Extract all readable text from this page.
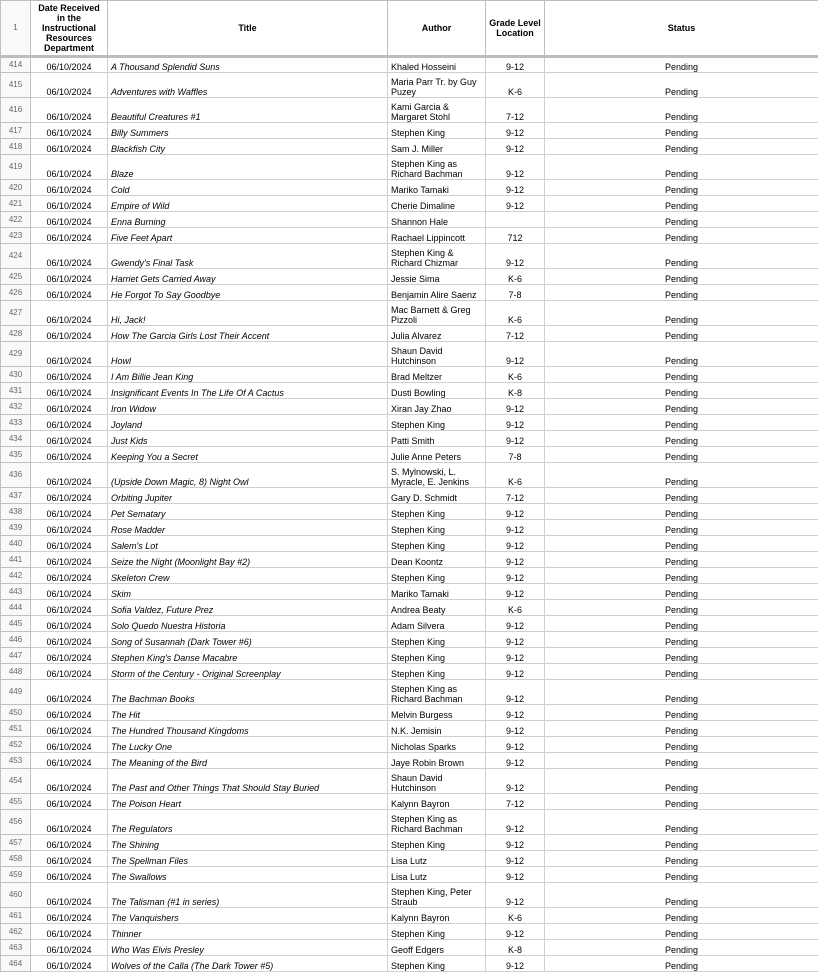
1	Date Received in the Instructional Resources Department	Title	Author	Grade Level Location	Status
414	06/10/2024	A Thousand Splendid Suns	Khaled Hosseini	9-12	Pending
415	06/10/2024	Adventures with Waffles	Maria Parr Tr. by Guy Puzey	K-6	Pending
416	06/10/2024	Beautiful Creatures #1	Kami Garcia & Margaret Stohl	7-12	Pending
417	06/10/2024	Billy Summers	Stephen King	9-12	Pending
418	06/10/2024	Blackfish City	Sam J. Miller	9-12	Pending
419	06/10/2024	Blaze	Stephen King as Richard Bachman	9-12	Pending
420	06/10/2024	Cold	Mariko Tamaki	9-12	Pending
421	06/10/2024	Empire of Wild	Cherie Dimaline	9-12	Pending
422	06/10/2024	Enna Burning	Shannon Hale		Pending
423	06/10/2024	Five Feet Apart	Rachael Lippincott	712	Pending
424	06/10/2024	Gwendy's Final Task	Stephen King & Richard Chizmar	9-12	Pending
425	06/10/2024	Harriet Gets Carried Away	Jessie Sima	K-6	Pending
426	06/10/2024	He Forgot To Say Goodbye	Benjamin Alire Saenz	7-8	Pending
427	06/10/2024	Hi, Jack!	Mac Barnett & Greg Pizzoli	K-6	Pending
428	06/10/2024	How The Garcia Girls Lost Their Accent	Julia Alvarez	7-12	Pending
429	06/10/2024	Howl	Shaun David Hutchinson	9-12	Pending
430	06/10/2024	I Am Billie Jean King	Brad Meltzer	K-6	Pending
431	06/10/2024	Insignificant Events In The Life Of A Cactus	Dusti Bowling	K-8	Pending
432	06/10/2024	Iron Widow	Xiran Jay Zhao	9-12	Pending
433	06/10/2024	Joyland	Stephen King	9-12	Pending
434	06/10/2024	Just Kids	Patti Smith	9-12	Pending
435	06/10/2024	Keeping You a Secret	Julie Anne Peters	7-8	Pending
436	06/10/2024	(Upside Down Magic, 8) Night Owl	S. Mylnowski, L. Myracle, E. Jenkins	K-6	Pending
437	06/10/2024	Orbiting Jupiter	Gary D. Schmidt	7-12	Pending
438	06/10/2024	Pet Sematary	Stephen King	9-12	Pending
439	06/10/2024	Rose Madder	Stephen King	9-12	Pending
440	06/10/2024	Salem's Lot	Stephen King	9-12	Pending
441	06/10/2024	Seize the Night (Moonlight Bay #2)	Dean Koontz	9-12	Pending
442	06/10/2024	Skeleton Crew	Stephen King	9-12	Pending
443	06/10/2024	Skim	Mariko Tamaki	9-12	Pending
444	06/10/2024	Sofia Valdez, Future Prez	Andrea Beaty	K-6	Pending
445	06/10/2024	Solo Quedo Nuestra Historia	Adam Silvera	9-12	Pending
446	06/10/2024	Song of Susannah (Dark Tower #6)	Stephen King	9-12	Pending
447	06/10/2024	Stephen King's Danse Macabre	Stephen King	9-12	Pending
448	06/10/2024	Storm of the Century - Original Screenplay	Stephen King	9-12	Pending
449	06/10/2024	The Bachman Books	Stephen King as Richard Bachman	9-12	Pending
450	06/10/2024	The Hit	Melvin Burgess	9-12	Pending
451	06/10/2024	The Hundred Thousand Kingdoms	N.K. Jemisin	9-12	Pending
452	06/10/2024	The Lucky One	Nicholas Sparks	9-12	Pending
453	06/10/2024	The Meaning of the Bird	Jaye Robin Brown	9-12	Pending
454	06/10/2024	The Past and Other Things That Should Stay Buried	Shaun David Hutchinson	9-12	Pending
455	06/10/2024	The Poison Heart	Kalynn Bayron	7-12	Pending
456	06/10/2024	The Regulators	Stephen King as Richard Bachman	9-12	Pending
457	06/10/2024	The Shining	Stephen King	9-12	Pending
458	06/10/2024	The Spellman Files	Lisa Lutz	9-12	Pending
459	06/10/2024	The Swallows	Lisa Lutz	9-12	Pending
460	06/10/2024	The Talisman (#1 in series)	Stephen King, Peter Straub	9-12	Pending
461	06/10/2024	The Vanquishers	Kalynn Bayron	K-6	Pending
462	06/10/2024	Thinner	Stephen King	9-12	Pending
463	06/10/2024	Who Was Elvis Presley	Geoff Edgers	K-8	Pending
464	06/10/2024	Wolves of the Calla (The Dark Tower #5)	Stephen King	9-12	Pending
